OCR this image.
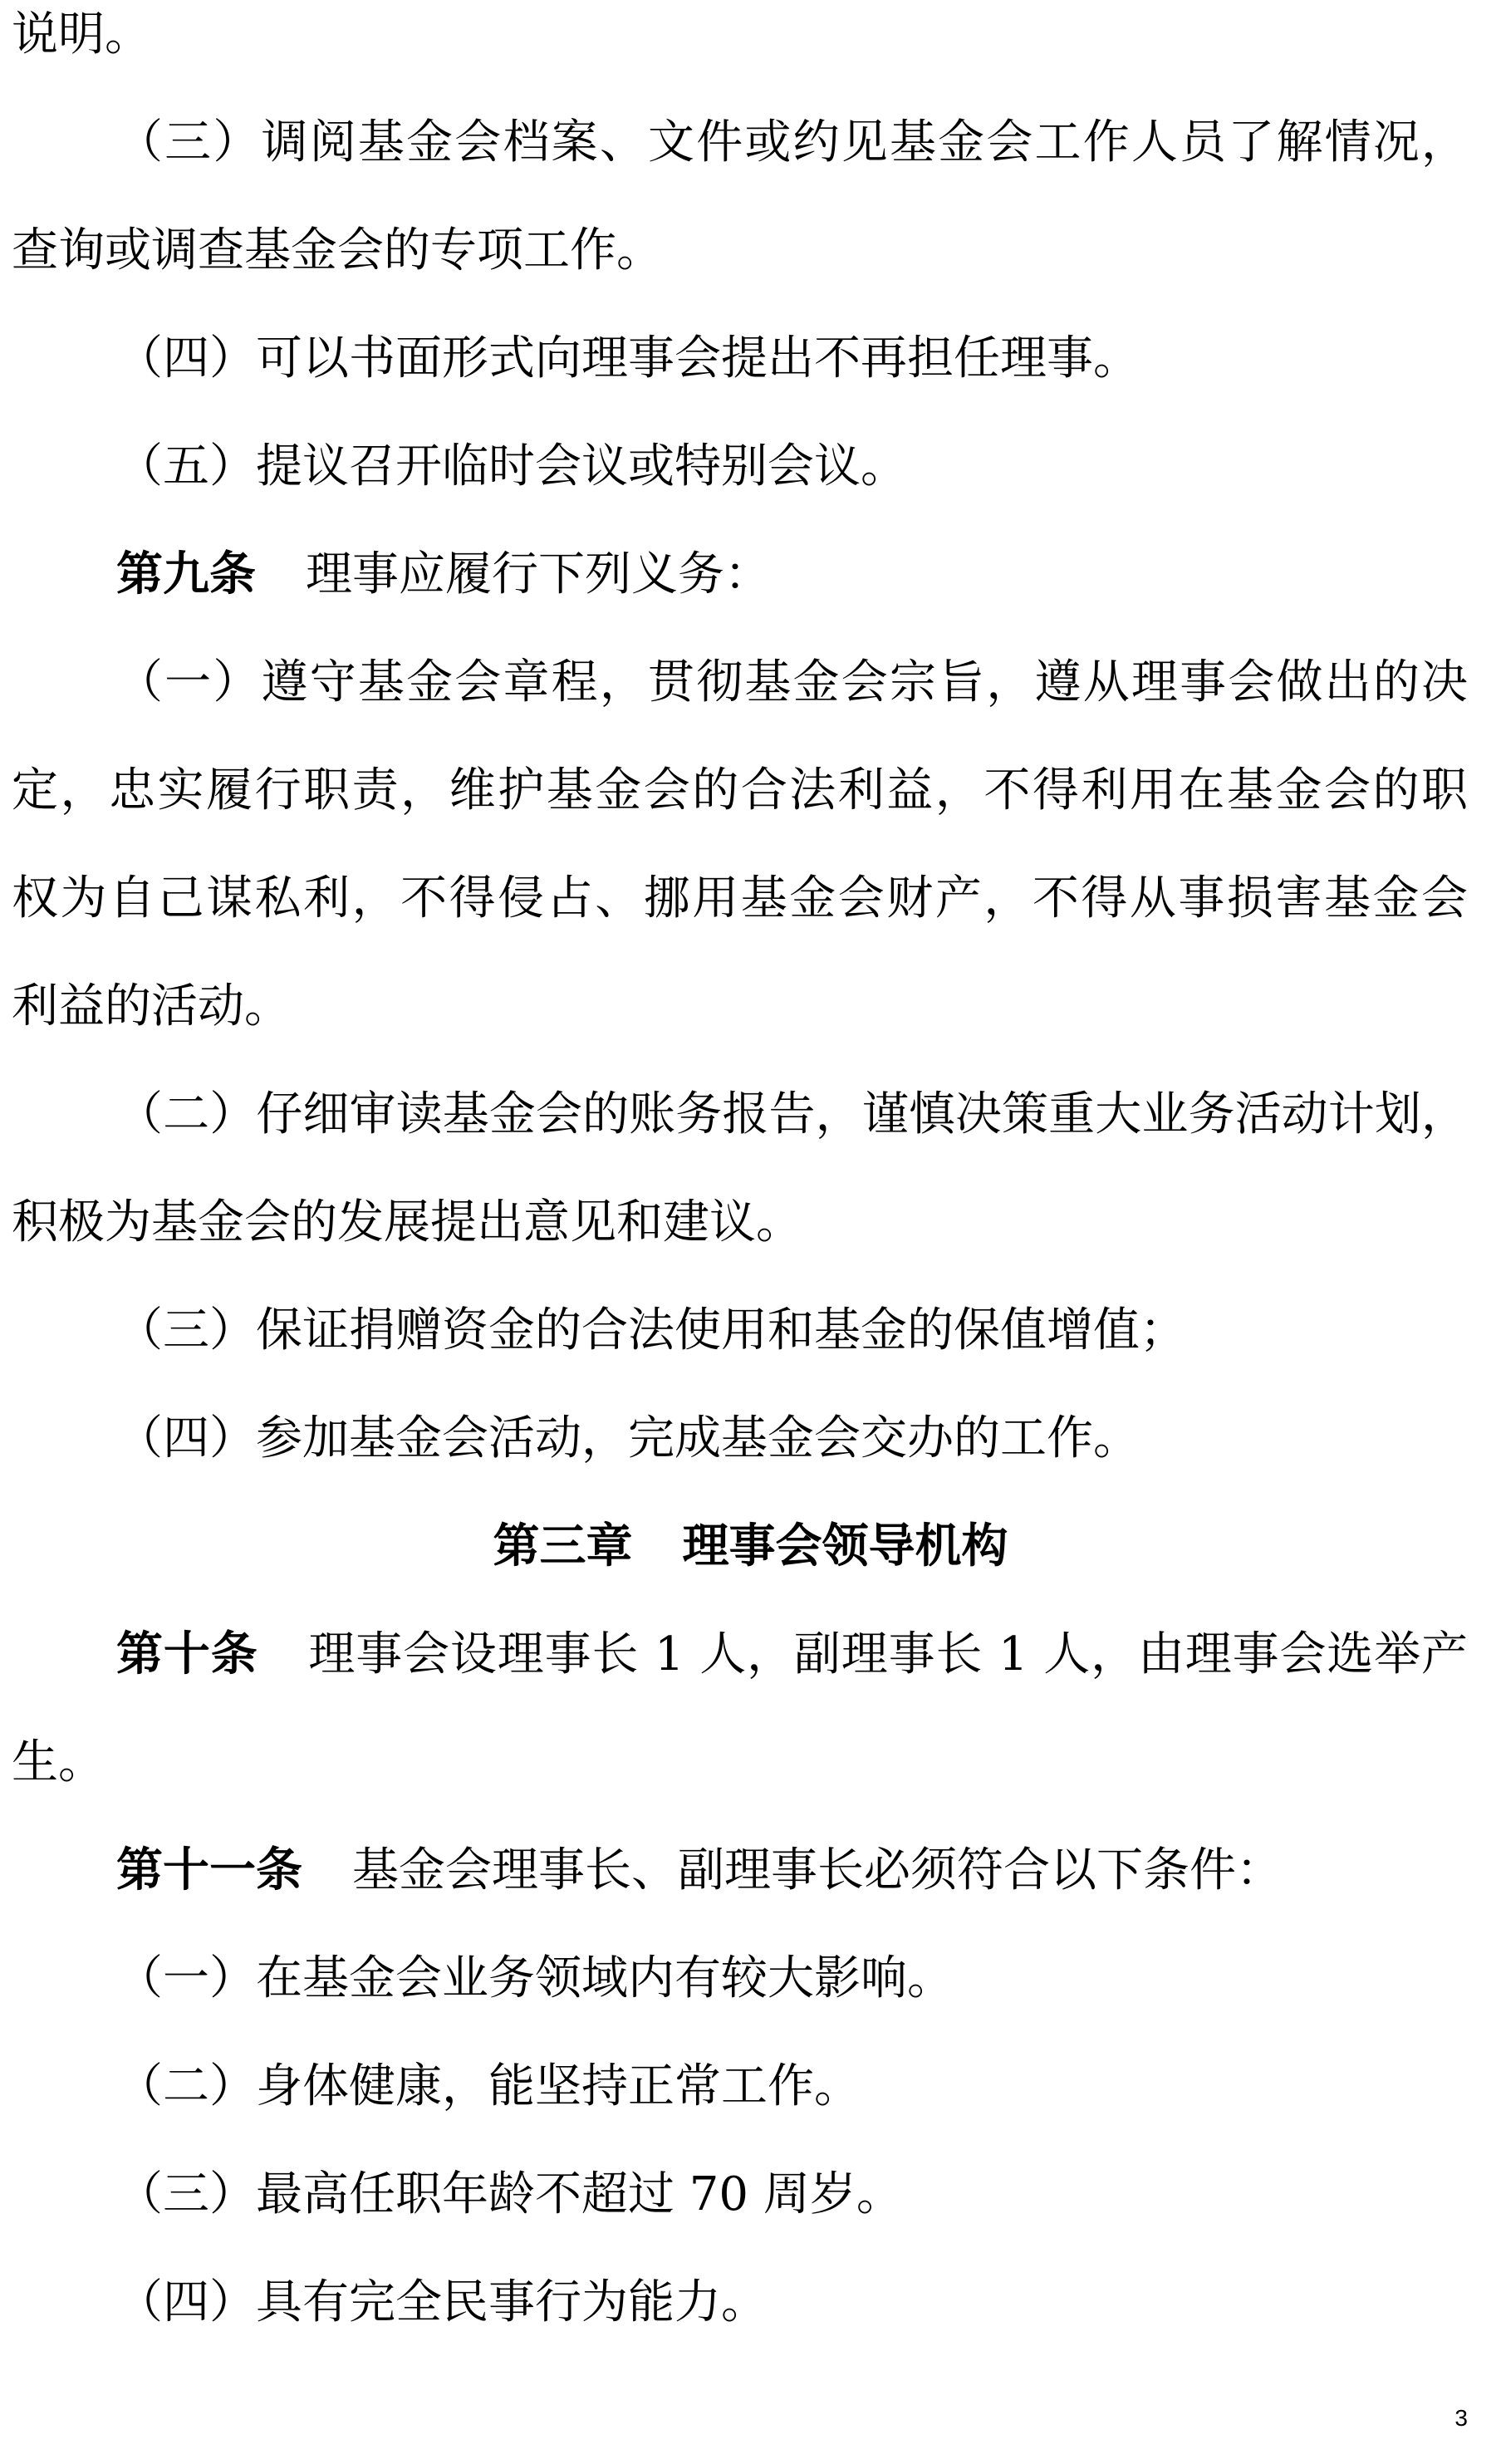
说明。
（三）调阅基金会档案、文件或约见基金会工作人员了解情况，
查询或调查基金会的专项工作。
（四）可以书面形式向理事会提出不再担任理事。
（五）提议召开临时会议或特别会议。
第九条 理事应履行下列义务：
（一）遵守基金会章程，贯彻基金会宗旨，遵从理事会做出的决
定，忠实履行职责，维护基金会的合法利益，不得利用在基金会的职
权为自己谋私利，不得侵占、挪用基金会财产，不得从事损害基金会
利益的活动。
（二）仔细审读基金会的账务报告，谨慎决策重大业务活动计划，
积极为基金会的发展提出意见和建议。
（三）保证捐赠资金的合法使用和基金的保值增值；
（四）参加基金会活动，完成基金会交办的工作。
第三章 理事会领导机构
第十条 理事会设理事长 1 人，副理事长 1 人，由理事会选举产
生。
第十一条 基金会理事长、副理事长必须符合以下条件：
（一）在基金会业务领域内有较大影响。
（二）身体健康，能坚持正常工作。
（三）最高任职年龄不超过 70 周岁。
（四）具有完全民事行为能力。
3
